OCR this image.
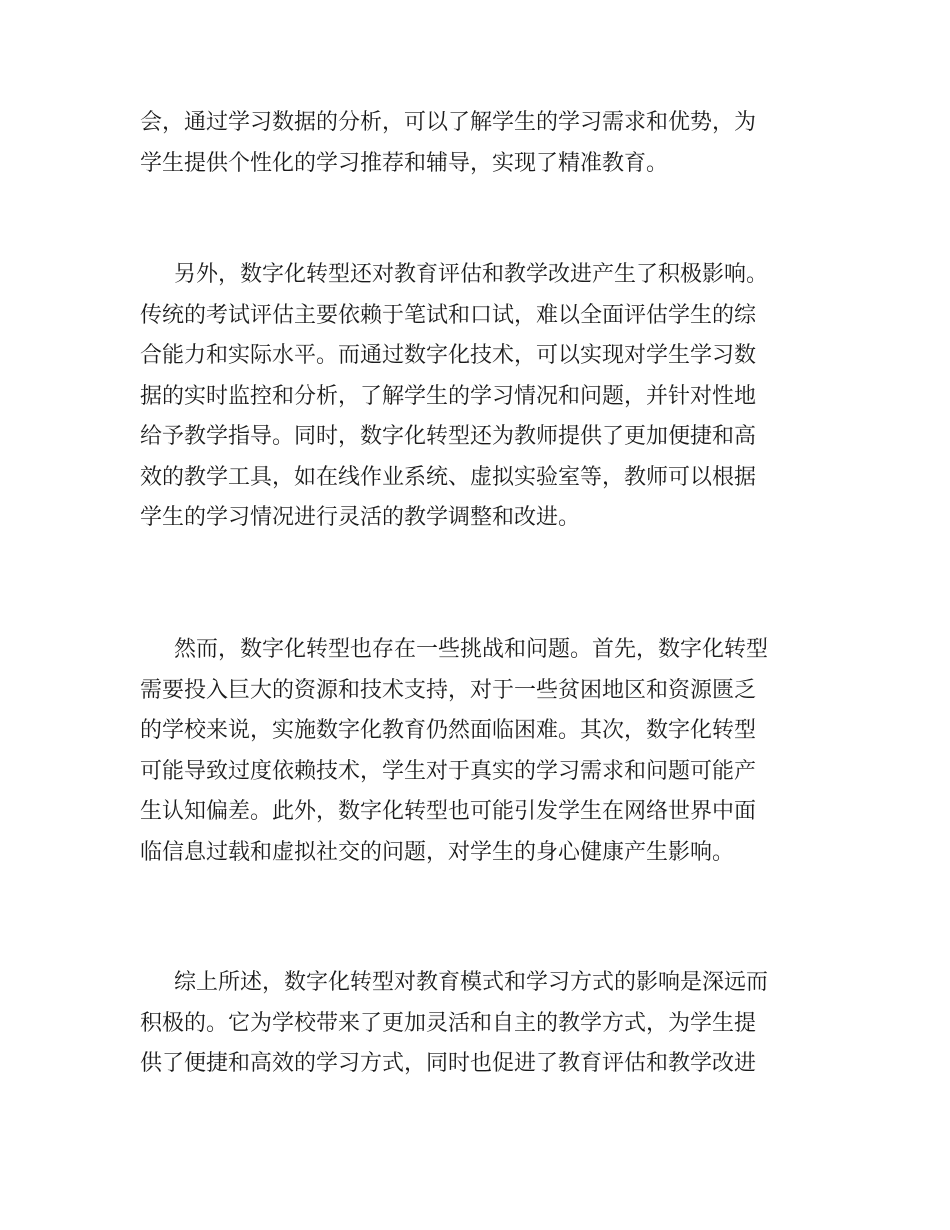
会，通过学习数据的分析，可以了解学生的学习需求和优势，为
学生提供个性化的学习推荐和辅导，实现了精准教育。
另外，数字化转型还对教育评估和教学改进产生了积极影响。
传统的考试评估主要依赖于笔试和口试，难以全面评估学生的综
合能力和实际水平。而通过数字化技术，可以实现对学生学习数
据的实时监控和分析，了解学生的学习情况和问题，并针对性地
给予教学指导。同时，数字化转型还为教师提供了更加便捷和高
效的教学工具，如在线作业系统、虚拟实验室等，教师可以根据
学生的学习情况进行灵活的教学调整和改进。
然而，数字化转型也存在一些挑战和问题。首先，数字化转型
需要投入巨大的资源和技术支持，对于一些贫困地区和资源匮乏
的学校来说，实施数字化教育仍然面临困难。其次，数字化转型
可能导致过度依赖技术，学生对于真实的学习需求和问题可能产
生认知偏差。此外，数字化转型也可能引发学生在网络世界中面
临信息过载和虚拟社交的问题，对学生的身心健康产生影响。
综上所述，数字化转型对教育模式和学习方式的影响是深远而
积极的。它为学校带来了更加灵活和自主的教学方式，为学生提
供了便捷和高效的学习方式，同时也促进了教育评估和教学改进
